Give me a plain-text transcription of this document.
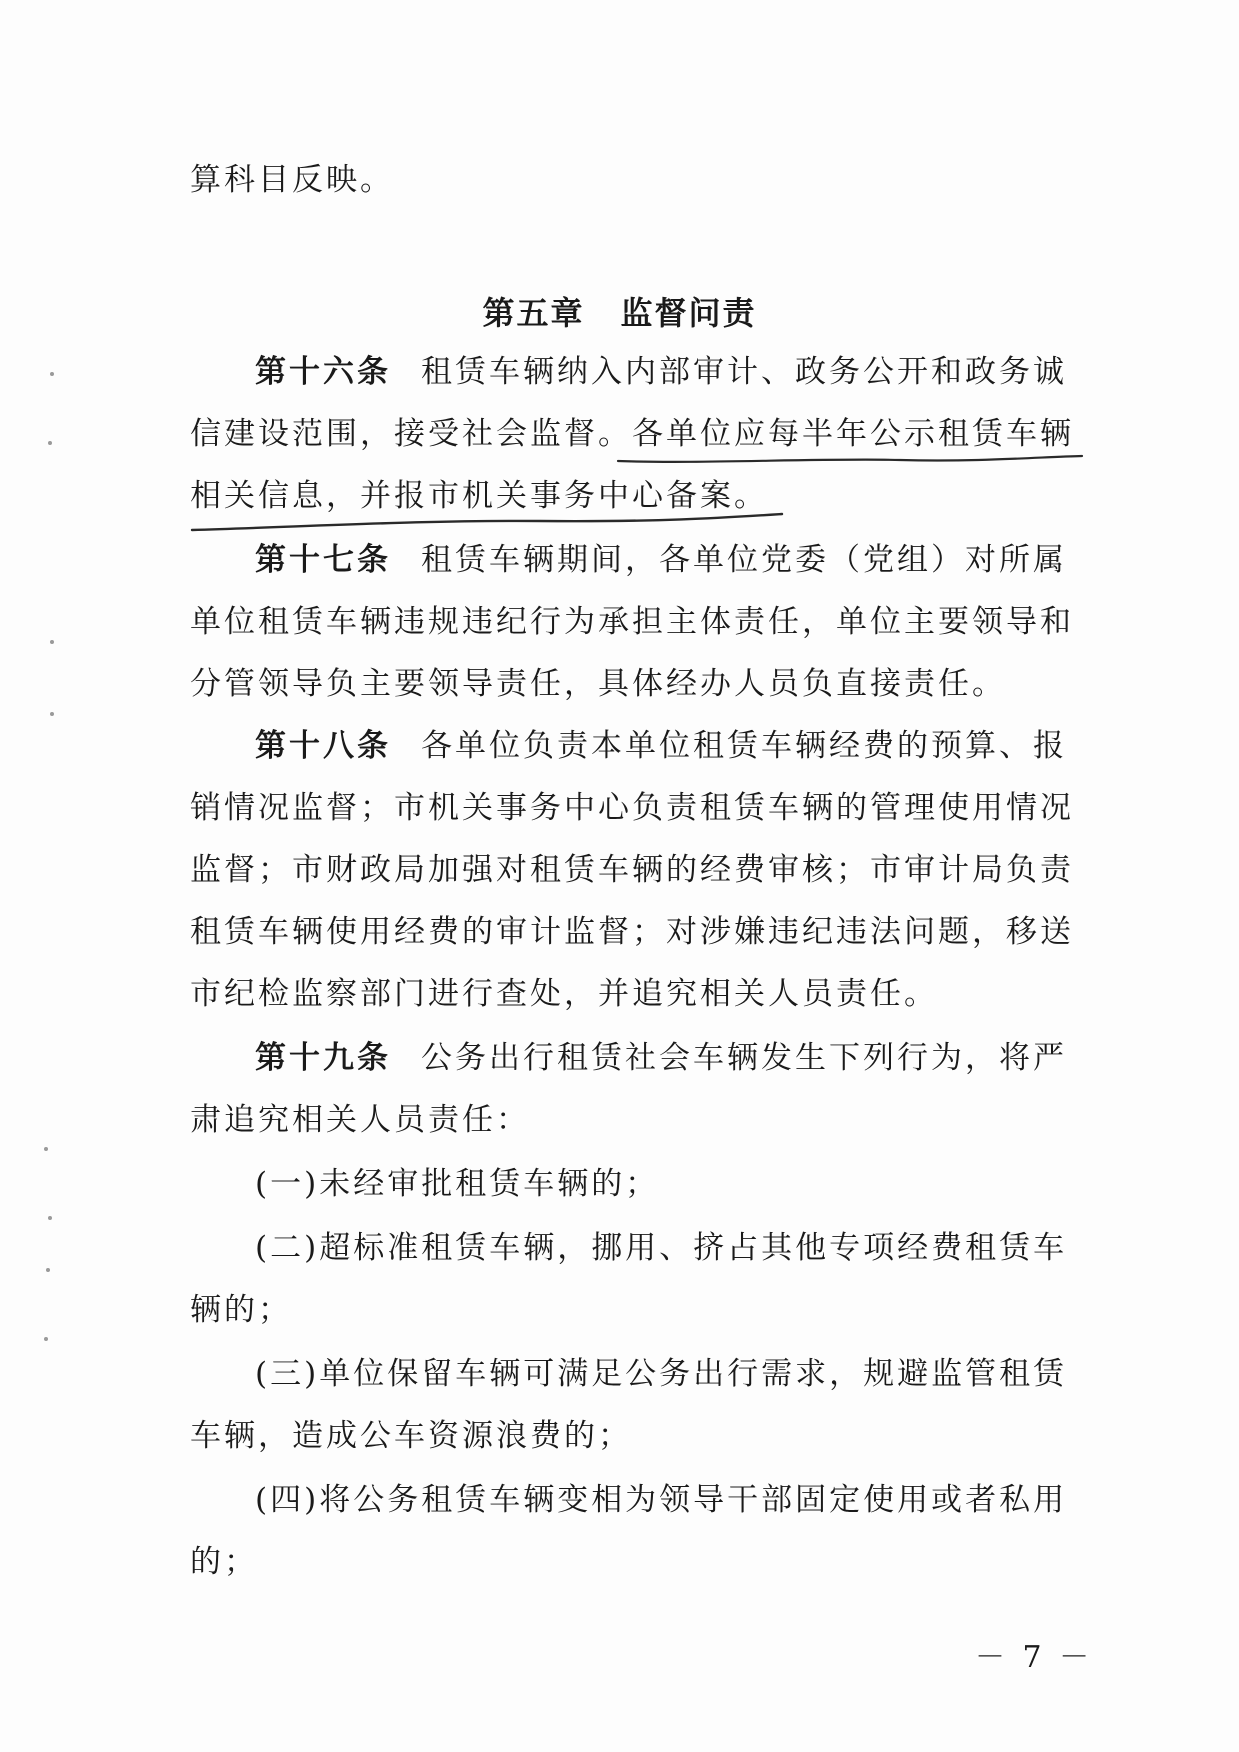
算科目反映。
第五章 监督问责
第十六条 租赁车辆纳入内部审计、政务公开和政务诚
信建设范围，接受社会监督。各单位应每半年公示租赁车辆
相关信息，并报市机关事务中心备案。
第十七条 租赁车辆期间，各单位党委（党组）对所属
单位租赁车辆违规违纪行为承担主体责任，单位主要领导和
分管领导负主要领导责任，具体经办人员负直接责任。
第十八条 各单位负责本单位租赁车辆经费的预算、报
销情况监督；市机关事务中心负责租赁车辆的管理使用情况
监督；市财政局加强对租赁车辆的经费审核；市审计局负责
租赁车辆使用经费的审计监督；对涉嫌违纪违法问题，移送
市纪检监察部门进行查处，并追究相关人员责任。
第十九条 公务出行租赁社会车辆发生下列行为，将严
肃追究相关人员责任：
(一)未经审批租赁车辆的；
(二)超标准租赁车辆，挪用、挤占其他专项经费租赁车
辆的；
(三)单位保留车辆可满足公务出行需求，规避监管租赁
车辆，造成公车资源浪费的；
(四)将公务租赁车辆变相为领导干部固定使用或者私用
的；
－ 7 －
